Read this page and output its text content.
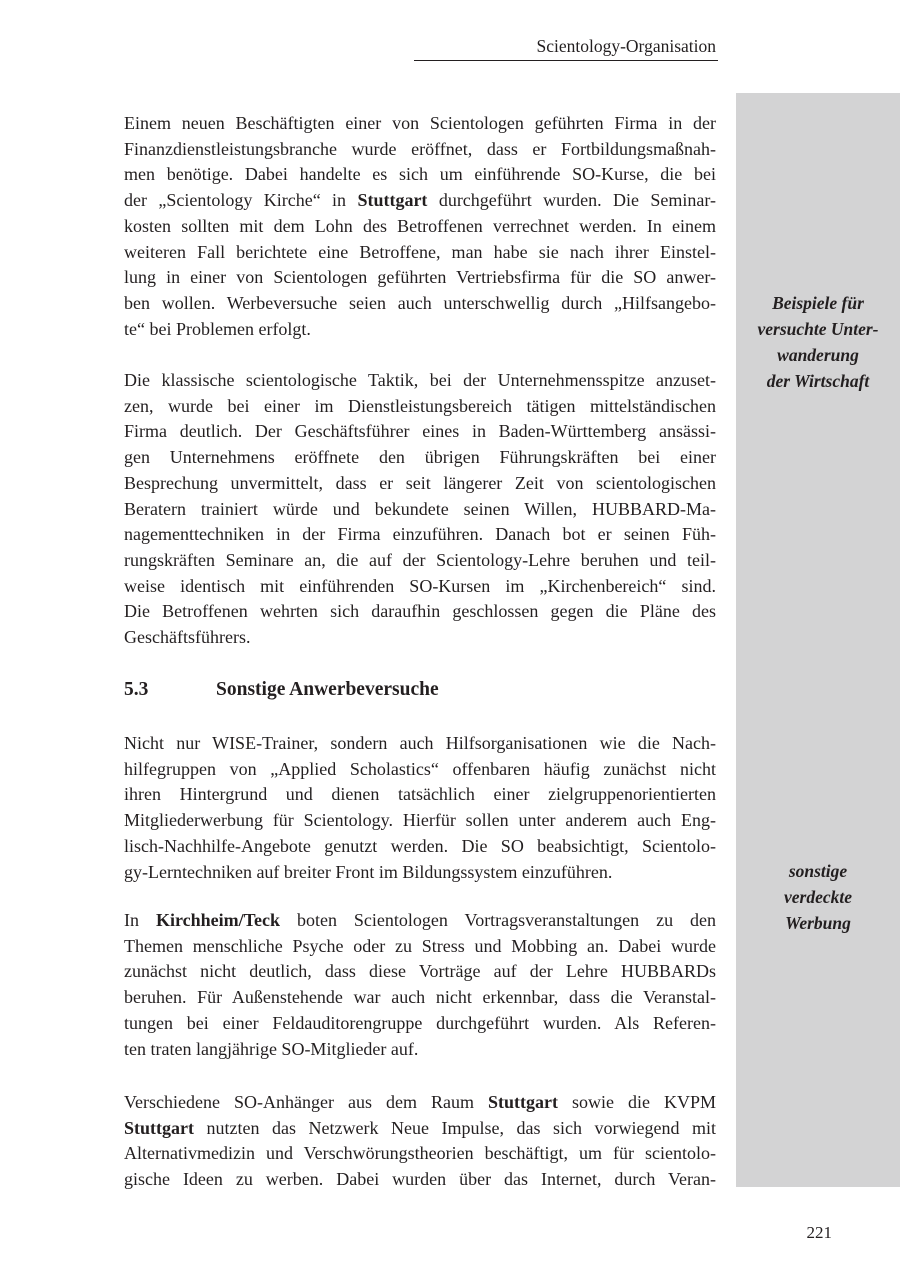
Scientology-Organisation
Beispiele für
versuchte Unter-
wanderung
der Wirtschaft
sonstige
verdeckte
Werbung
Einem neuen Beschäftigten einer von Scientologen geführten Firma in der
Finanzdienstleistungsbranche wurde eröffnet, dass er Fortbildungsmaßnah-
men benötige. Dabei handelte es sich um einführende SO-Kurse, die bei
der „Scientology Kirche“ in Stuttgart durchgeführt wurden. Die Seminar-
kosten sollten mit dem Lohn des Betroffenen verrechnet werden. In einem
weiteren Fall berichtete eine Betroffene, man habe sie nach ihrer Einstel-
lung in einer von Scientologen geführten Vertriebsfirma für die SO anwer-
ben wollen. Werbeversuche seien auch unterschwellig durch „Hilfsangebo-
te“ bei Problemen erfolgt.
Die klassische scientologische Taktik, bei der Unternehmensspitze anzuset-
zen, wurde bei einer im Dienstleistungsbereich tätigen mittelständischen
Firma deutlich. Der Geschäftsführer eines in Baden-Württemberg ansässi-
gen Unternehmens eröffnete den übrigen Führungskräften bei einer
Besprechung unvermittelt, dass er seit längerer Zeit von scientologischen
Beratern trainiert würde und bekundete seinen Willen, HUBBARD-Ma-
nagementtechniken in der Firma einzuführen. Danach bot er seinen Füh-
rungskräften Seminare an, die auf der Scientology-Lehre beruhen und teil-
weise identisch mit einführenden SO-Kursen im „Kirchenbereich“ sind.
Die Betroffenen wehrten sich daraufhin geschlossen gegen die Pläne des
Geschäftsführers.
5.3	Sonstige Anwerbeversuche
Nicht nur WISE-Trainer, sondern auch Hilfsorganisationen wie die Nach-
hilfegruppen von „Applied Scholastics“ offenbaren häufig zunächst nicht
ihren Hintergrund und dienen tatsächlich einer zielgruppenorientierten
Mitgliederwerbung für Scientology. Hierfür sollen unter anderem auch Eng-
lisch-Nachhilfe-Angebote genutzt werden. Die SO beabsichtigt, Scientolo-
gy-Lerntechniken auf breiter Front im Bildungssystem einzuführen.
In Kirchheim/Teck boten Scientologen Vortragsveranstaltungen zu den
Themen menschliche Psyche oder zu Stress und Mobbing an. Dabei wurde
zunächst nicht deutlich, dass diese Vorträge auf der Lehre HUBBARDs
beruhen. Für Außenstehende war auch nicht erkennbar, dass die Veranstal-
tungen bei einer Feldauditorengruppe durchgeführt wurden. Als Referen-
ten traten langjährige SO-Mitglieder auf.
Verschiedene SO-Anhänger aus dem Raum Stuttgart sowie die KVPM
Stuttgart nutzten das Netzwerk Neue Impulse, das sich vorwiegend mit
Alternativmedizin und Verschwörungstheorien beschäftigt, um für scientolo-
gische Ideen zu werben. Dabei wurden über das Internet, durch Veran-
221
